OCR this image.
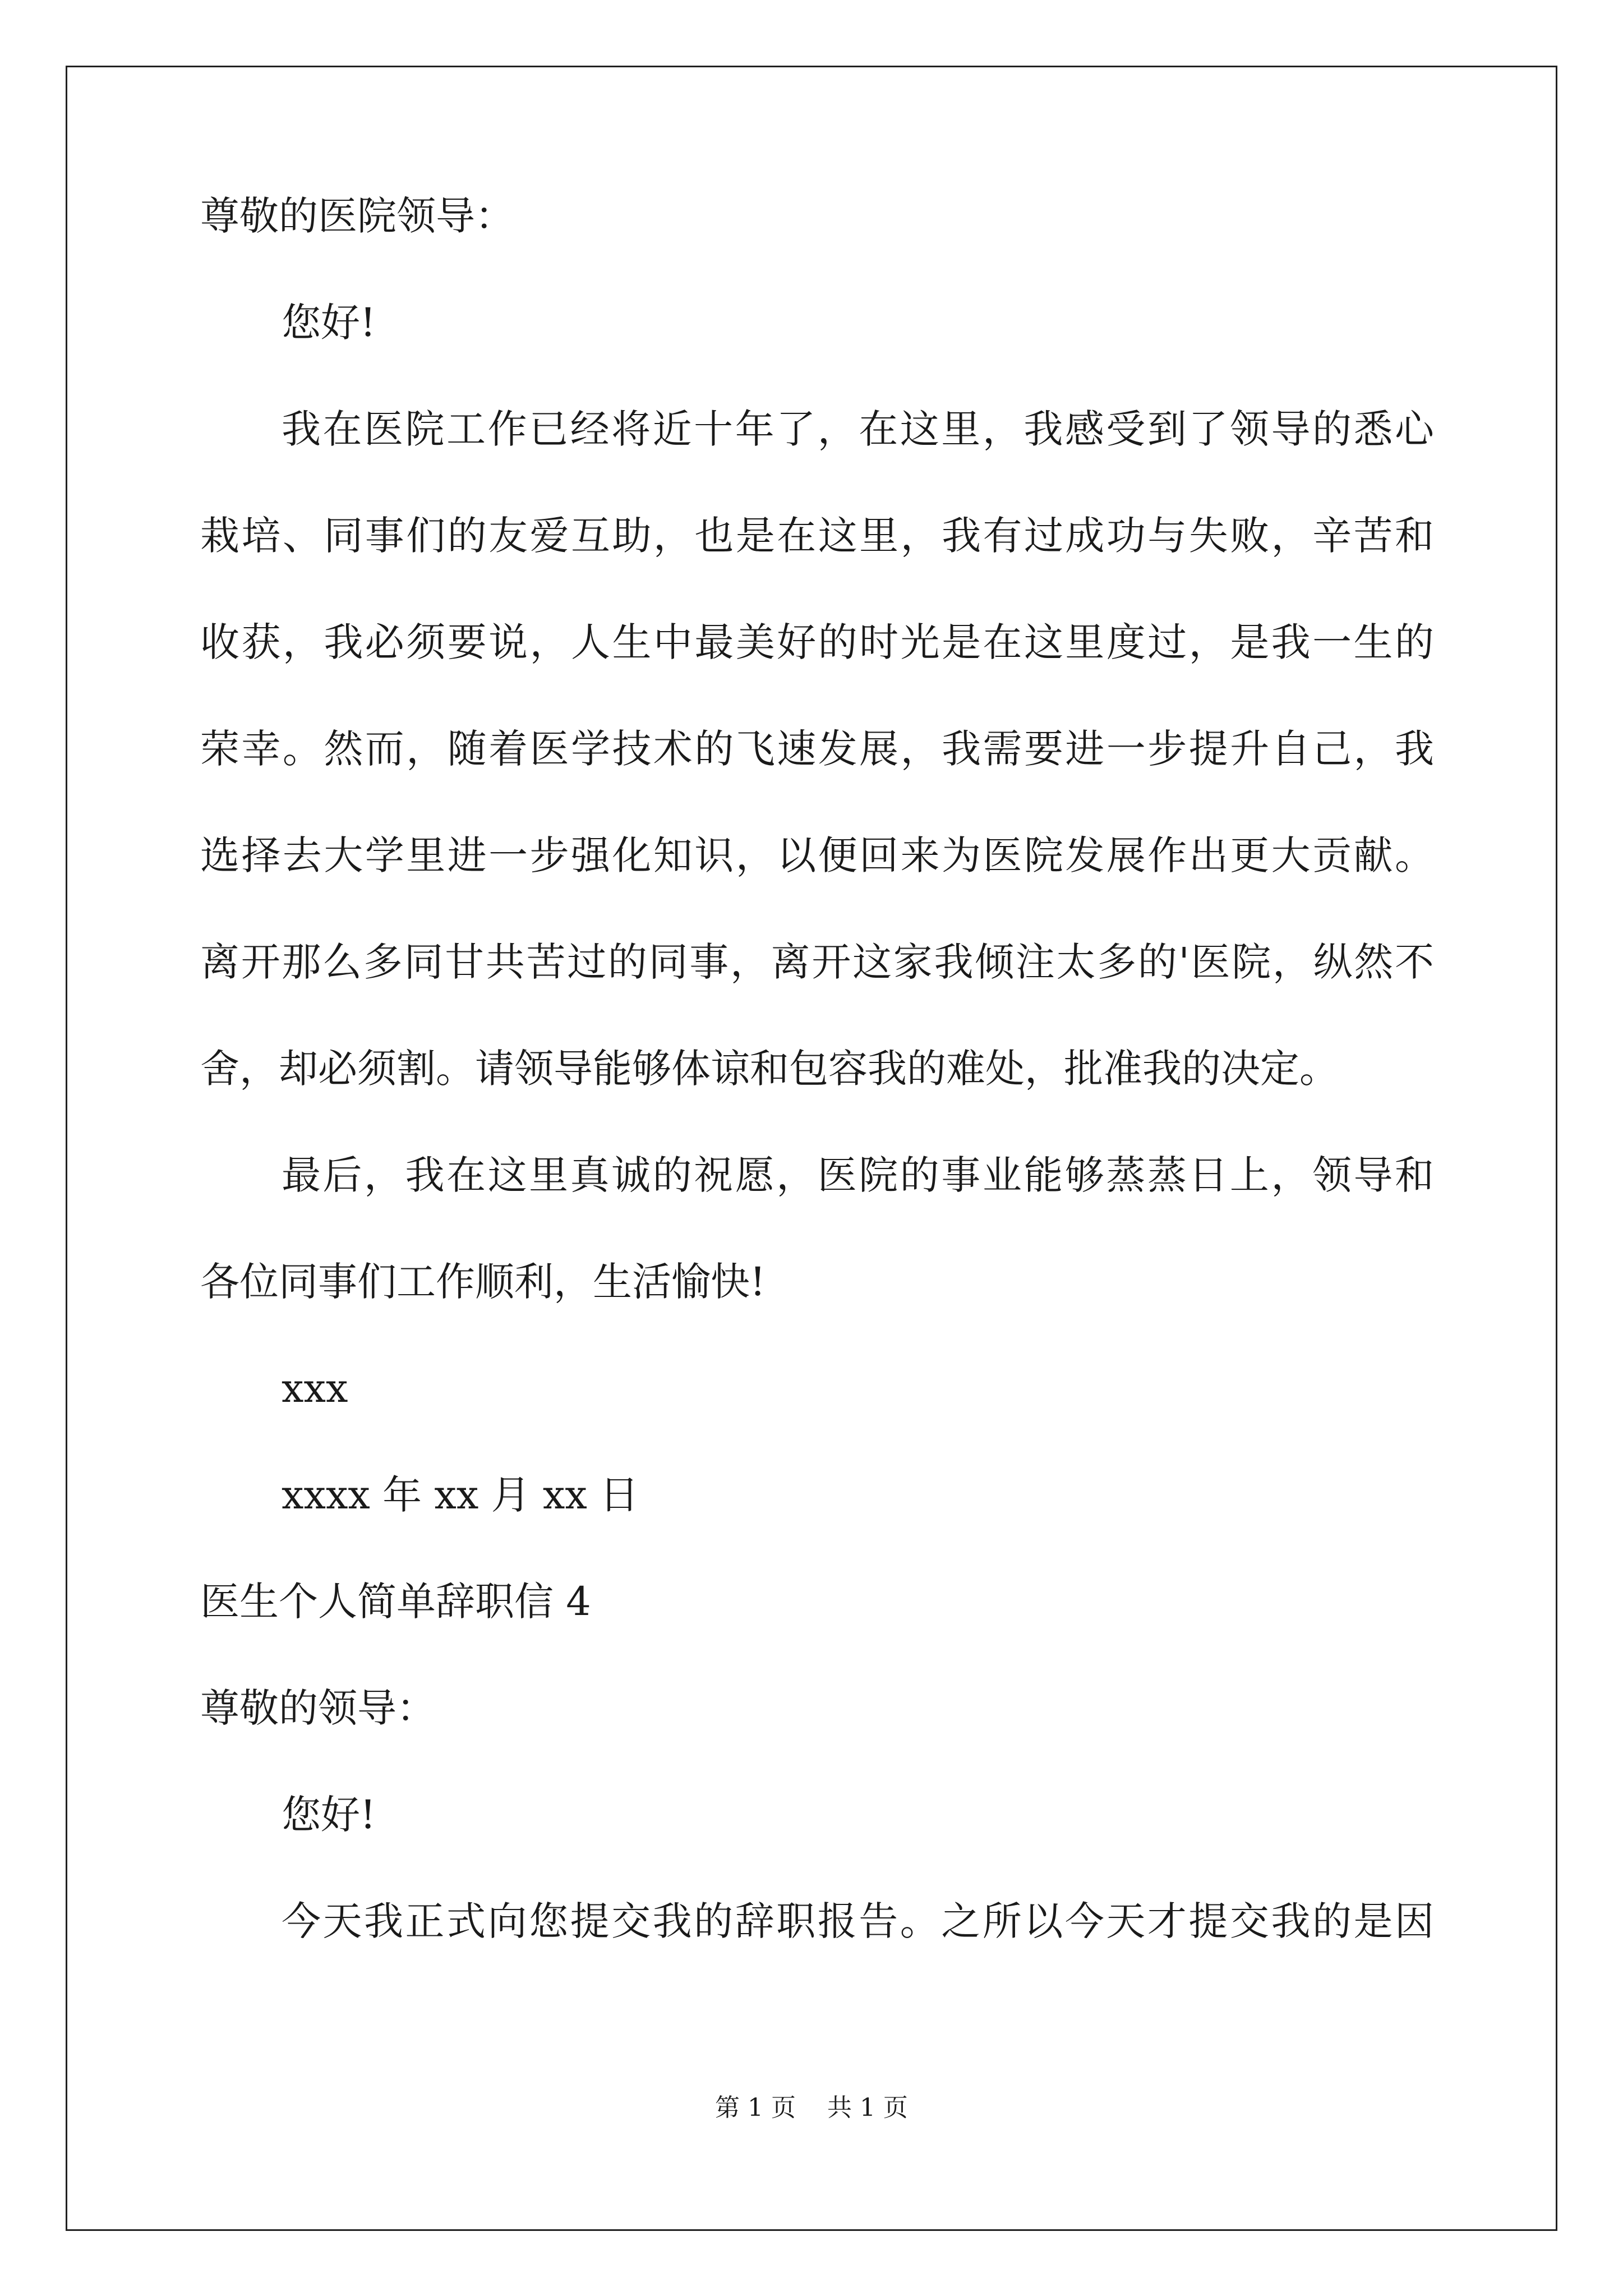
尊敬的医院领导：
您好!
我在医院工作已经将近十年了，在这里，我感受到了领导的悉心
栽培、同事们的友爱互助，也是在这里，我有过成功与失败，辛苦和
收获，我必须要说，人生中最美好的时光是在这里度过，是我一生的
荣幸。然而，随着医学技术的飞速发展，我需要进一步提升自己，我
选择去大学里进一步强化知识，以便回来为医院发展作出更大贡献。
离开那么多同甘共苦过的同事，离开这家我倾注太多的'医院，纵然不
舍，却必须割。请领导能够体谅和包容我的难处，批准我的决定。
最后，我在这里真诚的祝愿，医院的事业能够蒸蒸日上，领导和
各位同事们工作顺利，生活愉快!
xxx
xxxx 年 xx 月 xx 日
医生个人简单辞职信 4
尊敬的领导：
您好!
今天我正式向您提交我的辞职报告。之所以今天才提交我的是因
第 1 页    共 1 页
